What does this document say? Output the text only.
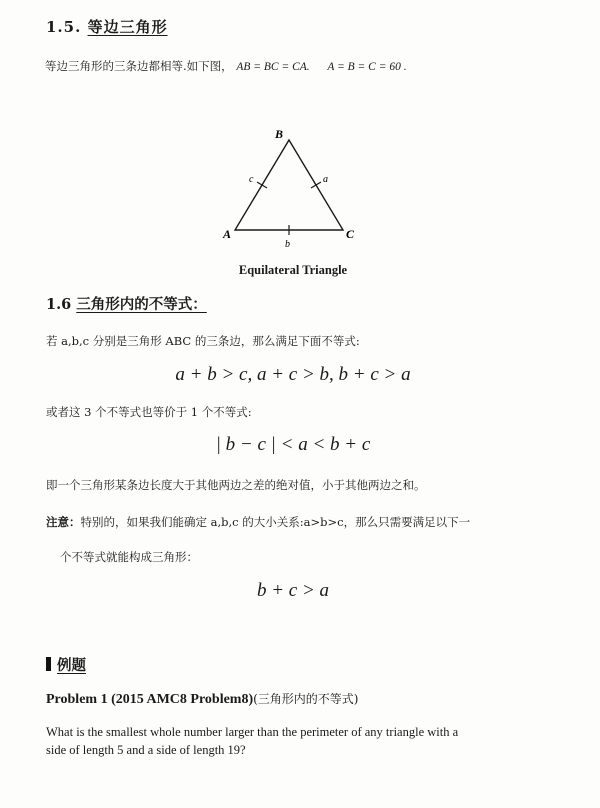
1.5. 等边三角形
等边三角形的三条边都相等.如下图， AB = BC = CA. A = B = C = 60 .
B
A	C
c	a
b
Equilateral Triangle
1.6 三角形内的不等式：
若 a,b,c 分别是三角形 ABC 的三条边，那么满足下面不等式:
a + b > c, a + c > b, b + c > a
或者这 3 个不等式也等价于 1 个不等式:
| b − c | < a < b + c
即一个三角形某条边长度大于其他两边之差的绝对值，小于其他两边之和。
注意：特别的，如果我们能确定 a,b,c 的大小关系:a>b>c，那么只需要满足以下一
个不等式就能构成三角形：
b + c > a
例题
Problem 1 (2015 AMC8 Problem8)(三角形内的不等式)
What is the smallest whole number larger than the perimeter of any triangle with a
side of length 5 and a side of length 19?
